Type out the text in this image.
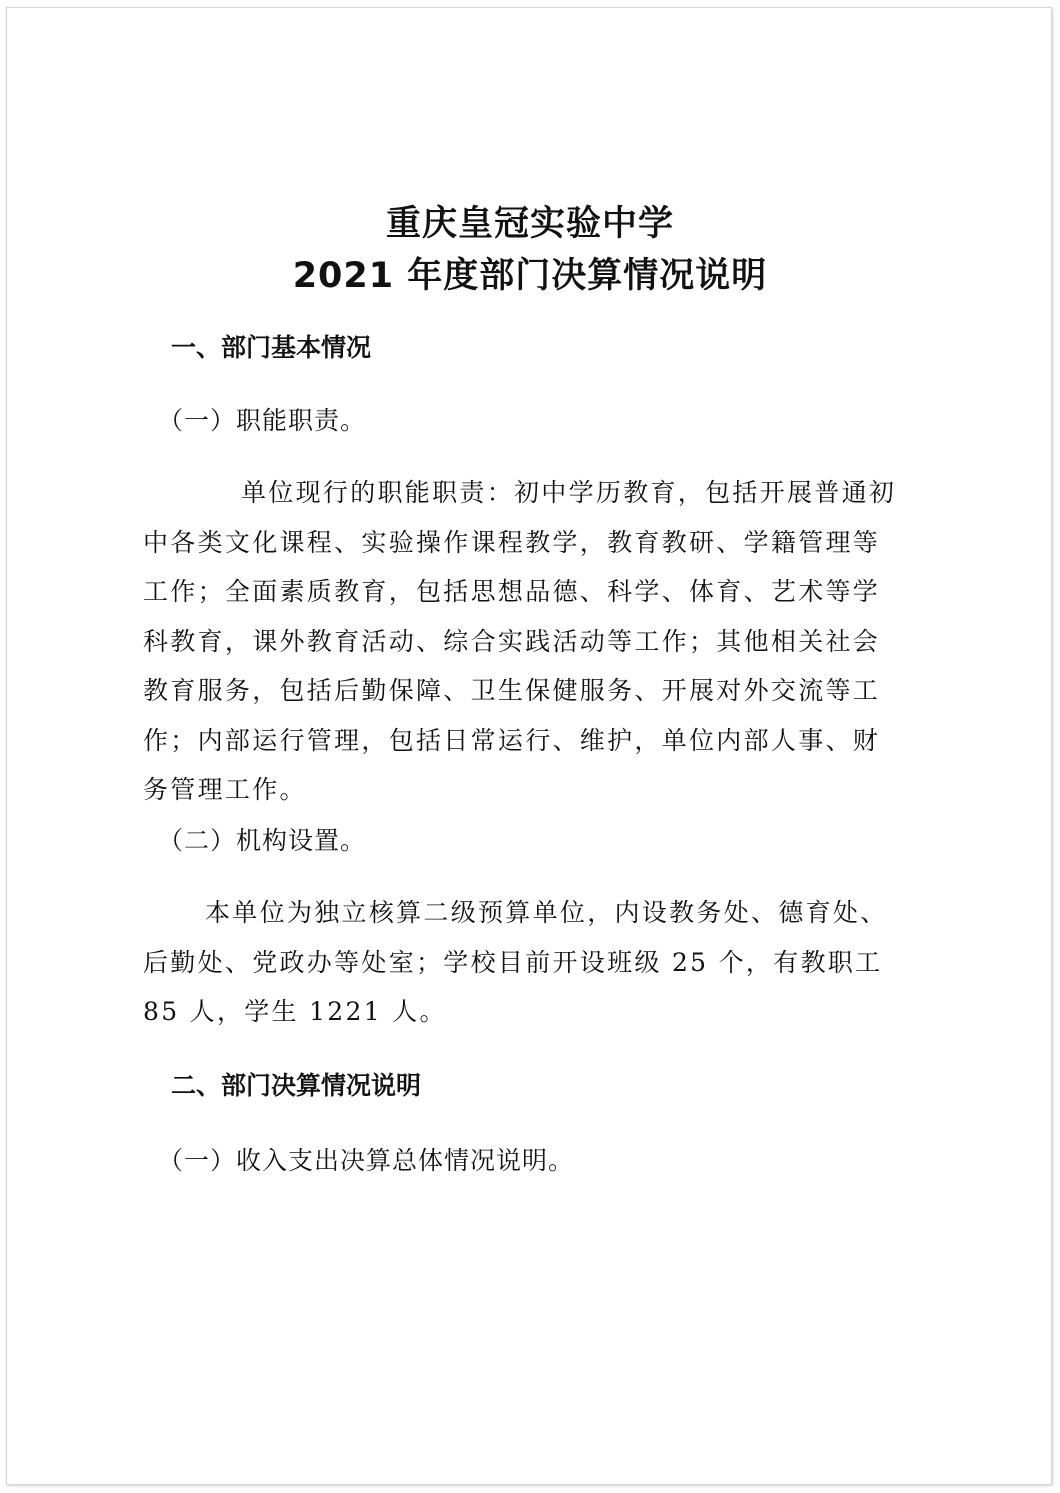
重庆皇冠实验中学
2021 年度部门决算情况说明
一、部门基本情况
（一）职能职责。
单位现行的职能职责：初中学历教育，包括开展普通初
中各类文化课程、实验操作课程教学，教育教研、学籍管理等
工作；全面素质教育，包括思想品德、科学、体育、艺术等学
科教育，课外教育活动、综合实践活动等工作；其他相关社会
教育服务，包括后勤保障、卫生保健服务、开展对外交流等工
作；内部运行管理，包括日常运行、维护，单位内部人事、财
务管理工作。
（二）机构设置。
本单位为独立核算二级预算单位，内设教务处、德育处、
后勤处、党政办等处室；学校目前开设班级 25 个，有教职工
85 人，学生 1221 人。
二、部门决算情况说明
（一）收入支出决算总体情况说明。
